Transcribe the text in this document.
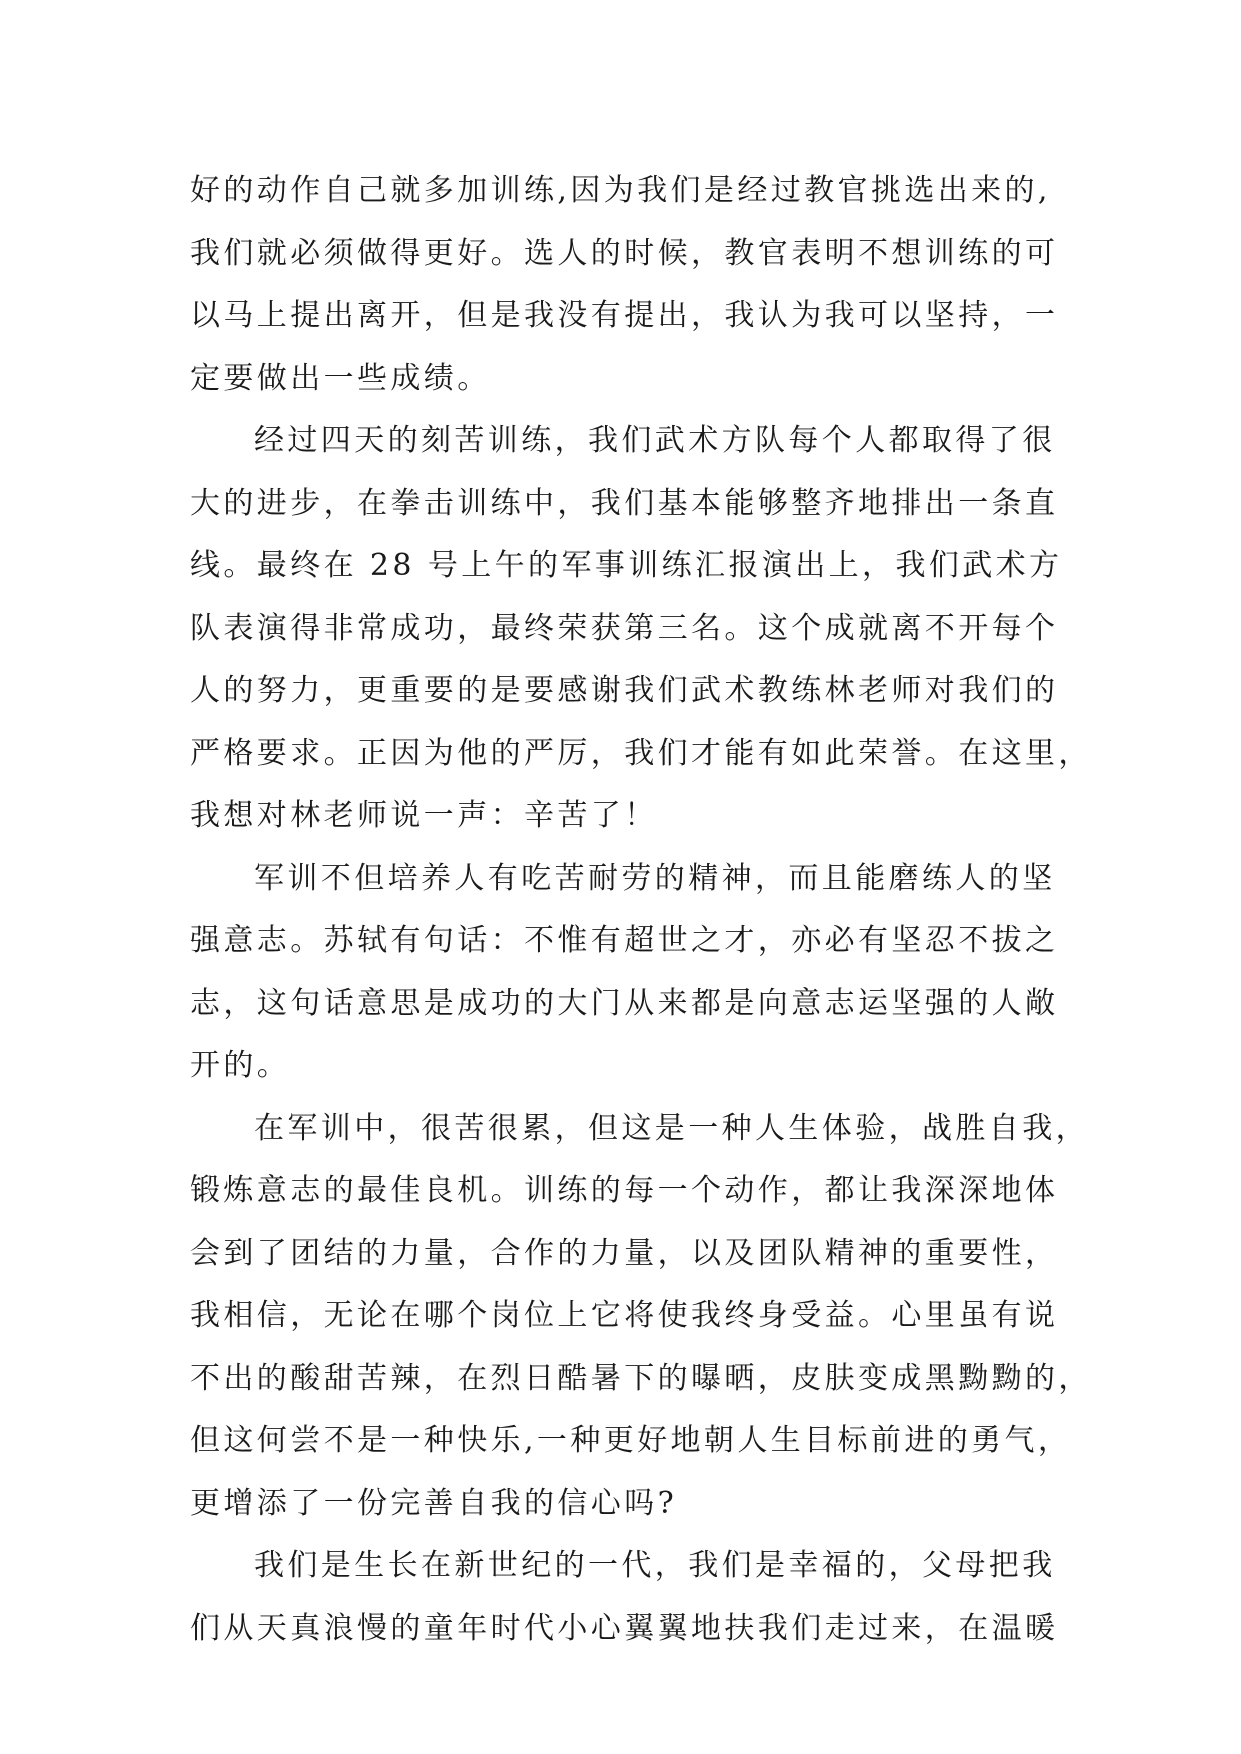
好的动作自己就多加训练,因为我们是经过教官挑选出来的,
我们就必须做得更好。选人的时候，教官表明不想训练的可
以马上提出离开，但是我没有提出，我认为我可以坚持，一
定要做出一些成绩。
经过四天的刻苦训练，我们武术方队每个人都取得了很
大的进步，在拳击训练中，我们基本能够整齐地排出一条直
线。最终在 28 号上午的军事训练汇报演出上，我们武术方
队表演得非常成功，最终荣获第三名。这个成就离不开每个
人的努力，更重要的是要感谢我们武术教练林老师对我们的
严格要求。正因为他的严厉，我们才能有如此荣誉。在这里，
我想对林老师说一声：辛苦了！
军训不但培养人有吃苦耐劳的精神，而且能磨练人的坚
强意志。苏轼有句话：不惟有超世之才，亦必有坚忍不拔之
志，这句话意思是成功的大门从来都是向意志运坚强的人敞
开的。
在军训中，很苦很累，但这是一种人生体验，战胜自我，
锻炼意志的最佳良机。训练的每一个动作，都让我深深地体
会到了团结的力量，合作的力量，以及团队精神的重要性，
我相信，无论在哪个岗位上它将使我终身受益。心里虽有说
不出的酸甜苦辣，在烈日酷暑下的曝晒，皮肤变成黑黝黝的，
但这何尝不是一种快乐,一种更好地朝人生目标前进的勇气，
更增添了一份完善自我的信心吗?
我们是生长在新世纪的一代，我们是幸福的，父母把我
们从天真浪慢的童年时代小心翼翼地扶我们走过来，在温暖
